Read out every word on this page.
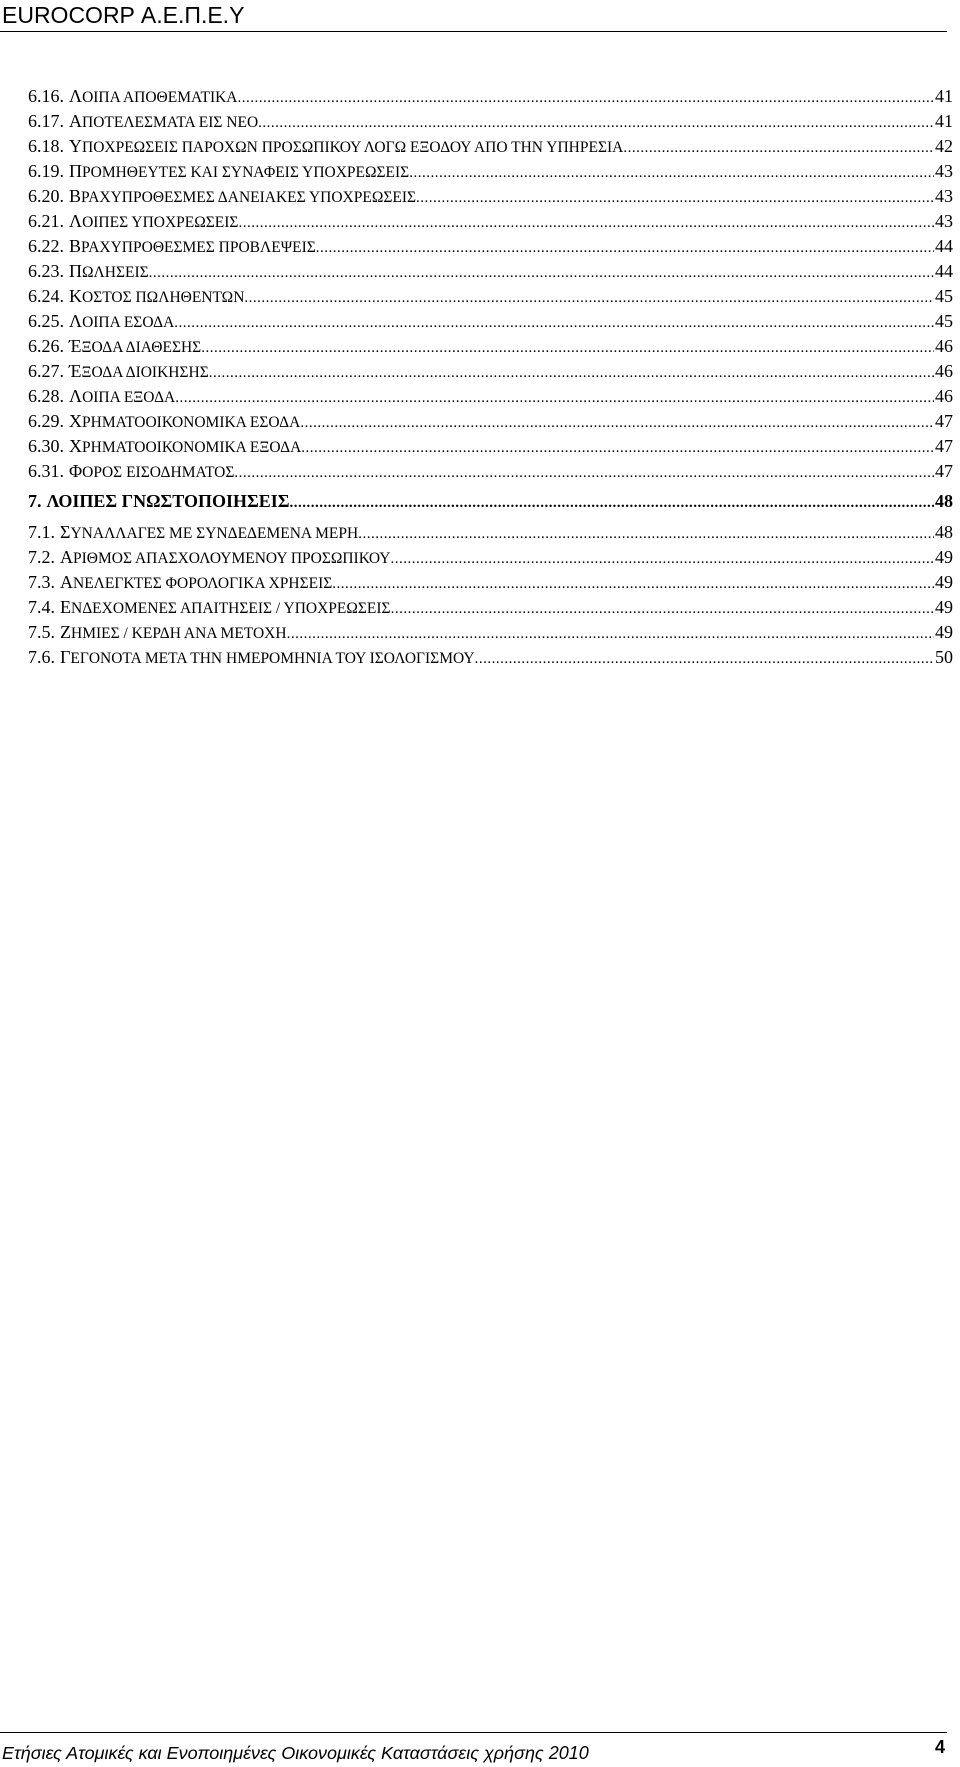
EUROCORP Α.Ε.Π.Ε.Υ
6.16. ΛΟΙΠΑ ΑΠΟΘΕΜΑΤΙΚΑ .....	41
6.17. ΑΠΟΤΕΛΕΣΜΑΤΑ ΕΙΣ ΝΕΟ .....	41
6.18. ΥΠΟΧΡΕΩΣΕΙΣ ΠΑΡΟΧΩΝ ΠΡΟΣΩΠΙΚΟΥ ΛΟΓΩ ΕΞΟΔΟΥ ΑΠΟ ΤΗΝ ΥΠΗΡΕΣΙΑ .....	42
6.19. ΠΡΟΜΗΘΕΥΤΕΣ ΚΑΙ ΣΥΝΑΦΕΙΣ ΥΠΟΧΡΕΩΣΕΙΣ .....	43
6.20. ΒΡΑΧΥΠΡΟΘΕΣΜΕΣ ΔΑΝΕΙΑΚΕΣ ΥΠΟΧΡΕΩΣΕΙΣ .....	43
6.21. ΛΟΙΠΕΣ ΥΠΟΧΡΕΩΣΕΙΣ .....	43
6.22. ΒΡΑΧΥΠΡΟΘΕΣΜΕΣ ΠΡΟΒΛΕΨΕΙΣ .....	44
6.23. ΠΩΛΗΣΕΙΣ .....	44
6.24. ΚΟΣΤΟΣ ΠΩΛΗΘΕΝΤΩΝ .....	45
6.25. ΛΟΙΠΑ ΕΣΟΔΑ .....	45
6.26. ΈΞΟΔΑ ΔΙΑΘΕΣΗΣ .....	46
6.27. ΈΞΟΔΑ ΔΙΟΙΚΗΣΗΣ .....	46
6.28. ΛΟΙΠΑ ΕΞΟΔΑ .....	46
6.29. ΧΡΗΜΑΤΟΟΙΚΟΝΟΜΙΚΑ ΕΣΟΔΑ .....	47
6.30. ΧΡΗΜΑΤΟΟΙΚΟΝΟΜΙΚΑ ΕΞΟΔΑ .....	47
6.31. ΦΟΡΟΣ ΕΙΣΟΔΗΜΑΤΟΣ .....	47
7. ΛΟΙΠΕΣ ΓΝΩΣΤΟΠΟΙΗΣΕΙΣ .....	48
7.1. ΣΥΝΑΛΛΑΓΕΣ ΜΕ ΣΥΝΔΕΔΕΜΕΝΑ ΜΕΡΗ .....	48
7.2. ΑΡΙΘΜΟΣ ΑΠΑΣΧΟΛΟΥΜΕΝΟΥ ΠΡΟΣΩΠΙΚΟΥ .....	49
7.3. ΑΝΕΛΕΓΚΤΕΣ ΦΟΡΟΛΟΓΙΚΑ ΧΡΗΣΕΙΣ .....	49
7.4. ΕΝΔΕΧΟΜΕΝΕΣ ΑΠΑΙΤΗΣΕΙΣ / ΥΠΟΧΡΕΩΣΕΙΣ .....	49
7.5. ΖΗΜΙΕΣ / ΚΕΡΔΗ ΑΝΑ ΜΕΤΟΧΗ .....	49
7.6. ΓΕΓΟΝΟΤΑ ΜΕΤΑ ΤΗΝ ΗΜΕΡΟΜΗΝΙΑ ΤΟΥ ΙΣΟΛΟΓΙΣΜΟΥ .....	50
Ετήσιες Ατομικές και Ενοποιημένες Οικονομικές Καταστάσεις χρήσης 2010	4
